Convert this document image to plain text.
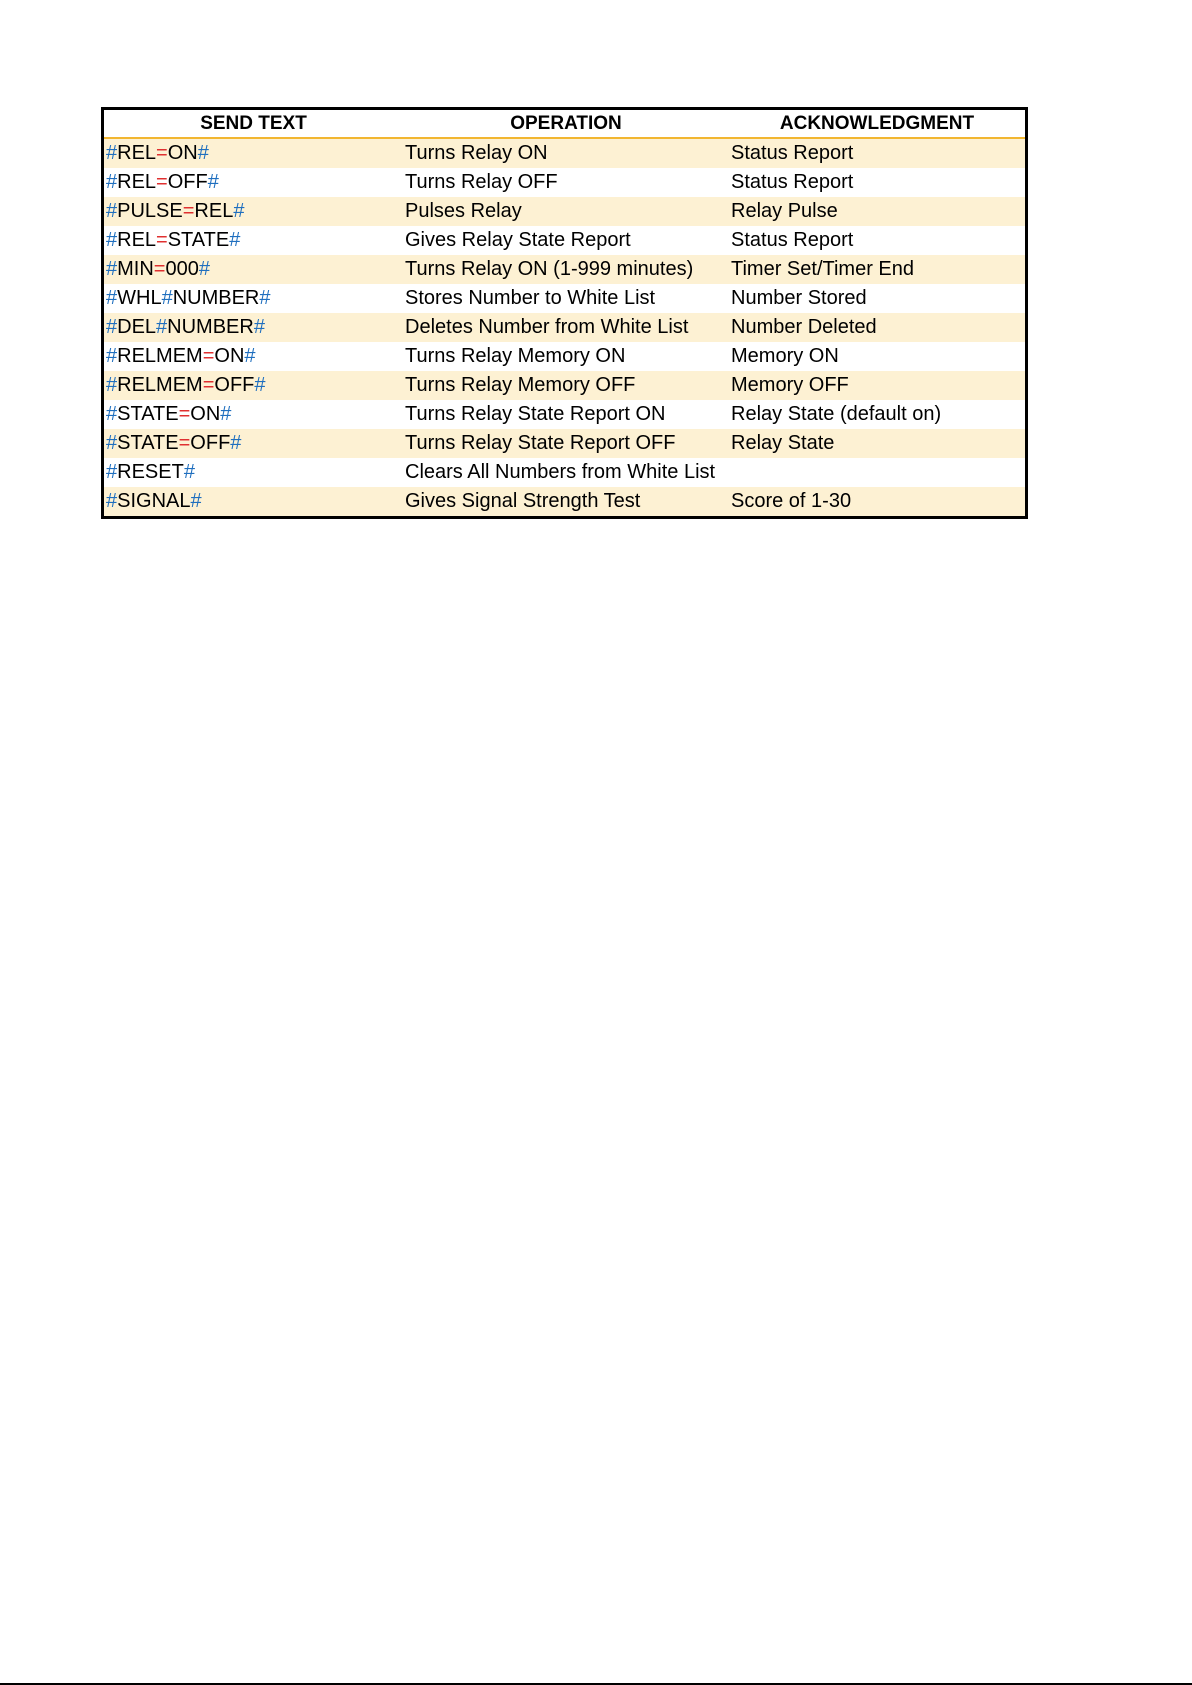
SEND TEXT	OPERATION	ACKNOWLEDGMENT
#REL=ON#	Turns Relay ON	Status Report
#REL=OFF#	Turns Relay OFF	Status Report
#PULSE=REL#	Pulses Relay	Relay Pulse
#REL=STATE#	Gives Relay State Report	Status Report
#MIN=000#	Turns Relay ON (1-999 minutes)	Timer Set/Timer End
#WHL#NUMBER#	Stores Number to White List	Number Stored
#DEL#NUMBER#	Deletes Number from White List	Number Deleted
#RELMEM=ON#	Turns Relay Memory ON	Memory ON
#RELMEM=OFF#	Turns Relay Memory OFF	Memory OFF
#STATE=ON#	Turns Relay State Report ON	Relay State (default on)
#STATE=OFF#	Turns Relay State Report OFF	Relay State
#RESET#	Clears All Numbers from White List
#SIGNAL#	Gives Signal Strength Test	Score of 1-30
